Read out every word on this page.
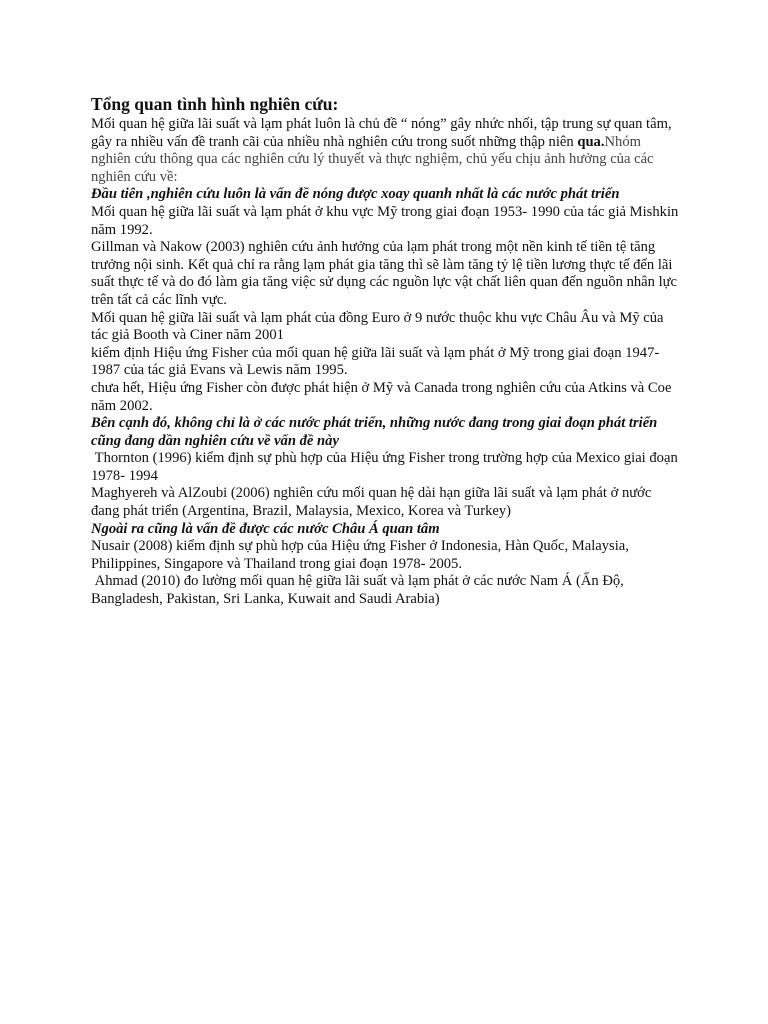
Tổng quan tình hình nghiên cứu:

Mối quan hệ giữa lãi suất và lạm phát luôn là chủ đề “ nóng” gây nhức nhối, tập trung sự quan tâm, gây ra nhiều vấn đề tranh cãi của nhiều nhà nghiên cứu trong suốt những thập niên qua.Nhóm nghiên cứu thông qua các nghiên cứu lý thuyết và thực nghiệm, chủ yếu chịu ảnh hưởng của các nghiên cứu về:

Đầu tiên ,nghiên cứu luôn là vấn đề nóng được xoay quanh nhất là các nước phát triển

Mối quan hệ giữa lãi suất và lạm phát ở khu vực Mỹ trong giai đoạn 1953- 1990 của tác giả Mishkin năm 1992.

Gillman và Nakow (2003) nghiên cứu ảnh hưởng của lạm phát trong một nền kinh tế tiền tệ tăng trưởng nội sinh. Kết quả chỉ ra rằng lạm phát gia tăng thì sẽ làm tăng tỷ lệ tiền lương thực tế đến lãi suất thực tế và do đó làm gia tăng việc sử dụng các nguồn lực vật chất liên quan đến nguồn nhân lực trên tất cả các lĩnh vực.

Mối quan hệ giữa lãi suất và lạm phát của đồng Euro ở 9 nước thuộc khu vực Châu Âu và Mỹ của tác giả Booth và Ciner năm 2001

kiểm định Hiệu ứng Fisher của mối quan hệ giữa lãi suất và lạm phát ở Mỹ trong giai đoạn 1947-1987 của tác giả Evans và Lewis năm 1995.

chưa hết, Hiệu ứng Fisher còn được phát hiện ở Mỹ và Canada trong nghiên cứu của Atkins và Coe năm 2002.

Bên cạnh đó, không chỉ là ở các nước phát triển, những nước đang trong giai đoạn phát triển cũng đang dần nghiên cứu về vấn đề này

Thornton (1996) kiểm định sự phù hợp của Hiệu ứng Fisher trong trường hợp của Mexico giai đoạn 1978- 1994

Maghyereh và AlZoubi (2006) nghiên cứu mối quan hệ dài hạn giữa lãi suất và lạm phát ở nước đang phát triển (Argentina, Brazil, Malaysia, Mexico, Korea và Turkey)

Ngoài ra cũng là vấn đề được các nước Châu Á quan tâm

Nusair (2008) kiểm định sự phù hợp của Hiệu ứng Fisher ở Indonesia, Hàn Quốc, Malaysia, Philippines, Singapore và Thailand trong giai đoạn 1978- 2005.

Ahmad (2010) đo lường mối quan hệ giữa lãi suất và lạm phát ở các nước Nam Á (Ấn Độ, Bangladesh, Pakistan, Sri Lanka, Kuwait and Saudi Arabia)
